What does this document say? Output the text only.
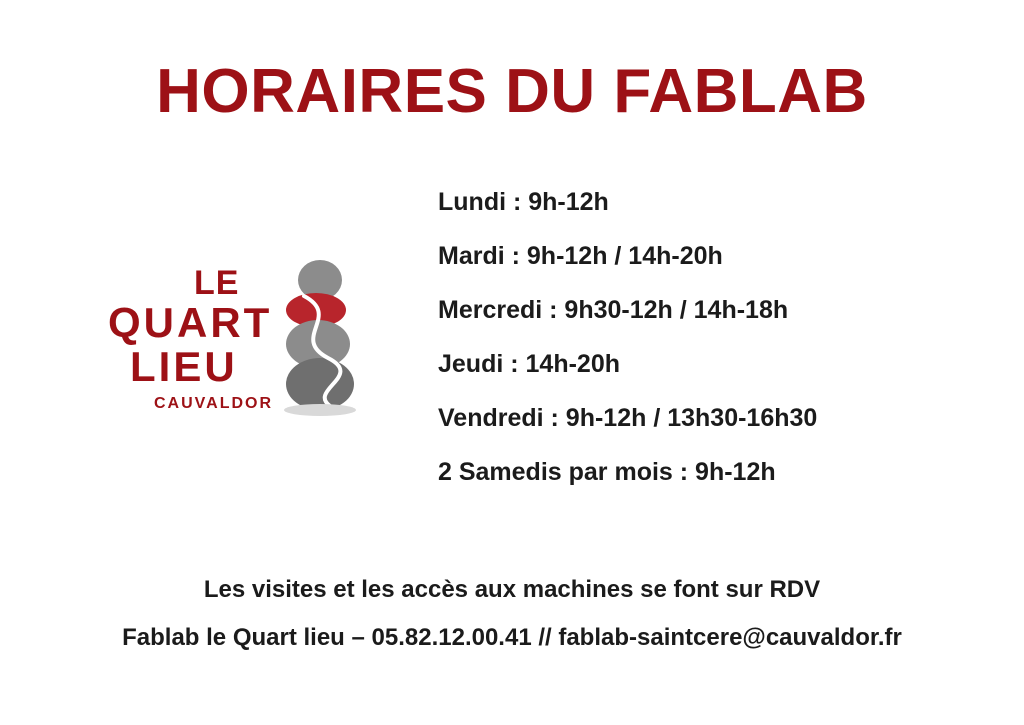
HORAIRES DU FABLAB
LE
QUART
LIEU
CAUVALDOR
Lundi : 9h-12h
Mardi : 9h-12h / 14h-20h
Mercredi : 9h30-12h / 14h-18h
Jeudi : 14h-20h
Vendredi : 9h-12h / 13h30-16h30
2 Samedis par mois : 9h-12h
Les visites et les accès aux machines se font sur RDV
Fablab le Quart lieu – 05.82.12.00.41 // fablab-saintcere@cauvaldor.fr
